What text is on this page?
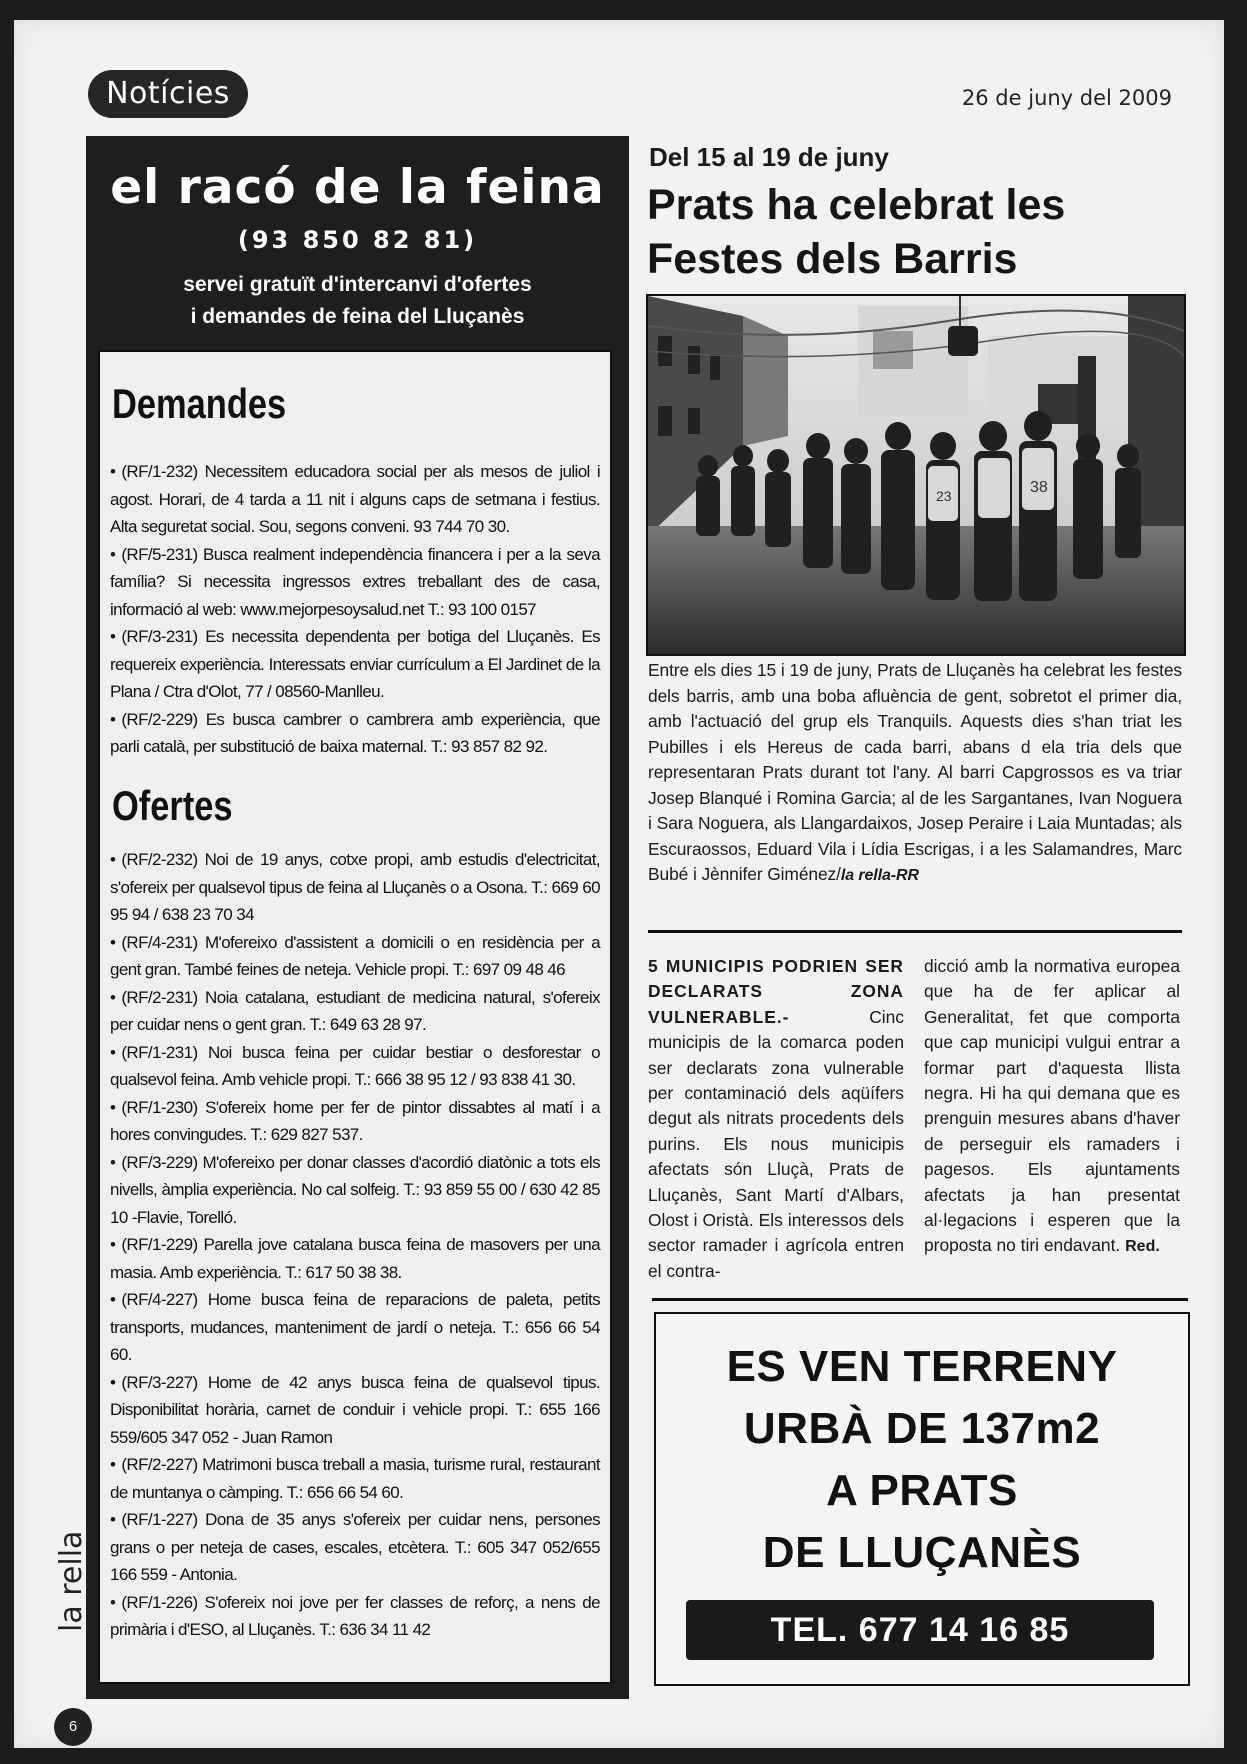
Notícies	26 de juny del 2009
el racó de la feina
(93 850 82 81)
servei gratuït d'intercanvi d'ofertes
i demandes de feina del Lluçanès
Demandes
• (RF/1-232) Necessitem educadora social per als mesos de juliol i agost. Horari, de 4 tarda a 11 nit i alguns caps de setmana i festius. Alta seguretat social. Sou, segons conveni. 93 744 70 30.
• (RF/5-231) Busca realment independència financera i per a la seva família? Si necessita ingressos extres treballant des de casa, informació al web: www.mejorpesoysalud.net T.: 93 100 0157
• (RF/3-231) Es necessita dependenta per botiga del Lluçanès. Es requereix experiència. Interessats enviar currículum a El Jardinet de la Plana / Ctra d'Olot, 77 / 08560-Manlleu.
• (RF/2-229) Es busca cambrer o cambrera amb experiència, que parli català, per substitució de baixa maternal. T.: 93 857 82 92.
Ofertes
• (RF/2-232) Noi de 19 anys, cotxe propi, amb estudis d'electricitat, s'ofereix per qualsevol tipus de feina al Lluçanès o a Osona. T.: 669 60 95 94 / 638 23 70 34
• (RF/4-231) M'ofereixo d'assistent a domicili o en residència per a gent gran. També feines de neteja. Vehicle propi. T.: 697 09 48 46
• (RF/2-231) Noia catalana, estudiant de medicina natural, s'ofereix per cuidar nens o gent gran. T.: 649 63 28 97.
• (RF/1-231) Noi busca feina per cuidar bestiar o desforestar o qualsevol feina. Amb vehicle propi. T.: 666 38 95 12 / 93 838 41 30.
• (RF/1-230) S'ofereix home per fer de pintor dissabtes al matí i a hores convingudes. T.: 629 827 537.
• (RF/3-229) M'ofereixo per donar classes d'acordió diatònic a tots els nivells, àmplia experiència. No cal solfeig. T.: 93 859 55 00 / 630 42 85 10 -Flavie, Torelló.
• (RF/1-229) Parella jove catalana busca feina de masovers per una masia. Amb experiència. T.: 617 50 38 38.
• (RF/4-227) Home busca feina de reparacions de paleta, petits transports, mudances, manteniment de jardí o neteja. T.: 656 66 54 60.
• (RF/3-227) Home de 42 anys busca feina de qualsevol tipus. Disponibilitat horària, carnet de conduir i vehicle propi. T.: 655 166 559/605 347 052 - Juan Ramon
• (RF/2-227) Matrimoni busca treball a masia, turisme rural, restaurant de muntanya o càmping. T.: 656 66 54 60.
• (RF/1-227) Dona de 35 anys s'ofereix per cuidar nens, persones grans o per neteja de cases, escales, etcètera. T.: 605 347 052/655 166 559 - Antonia.
• (RF/1-226) S'ofereix noi jove per fer classes de reforç, a nens de primària i d'ESO, al Lluçanès. T.: 636 34 11 42
Del 15 al 19 de juny
Prats ha celebrat les Festes dels Barris
23	38
Entre els dies 15 i 19 de juny, Prats de Lluçanès ha celebrat les festes dels barris, amb una boba afluència de gent, sobretot el primer dia, amb l'actuació del grup els Tranquils. Aquests dies s'han triat les Pubilles i els Hereus de cada barri, abans d ela tria dels que representaran Prats durant tot l'any. Al barri Capgrossos es va triar Josep Blanqué i Romina Garcia; al de les Sargantanes, Ivan Noguera i Sara Noguera, als Llangardaixos, Josep Peraire i Laia Muntadas; als Escuraossos, Eduard Vila i Lídia Escrigas, i a les Salamandres, Marc Bubé i Jènnifer Giménez/la rella-RR
5 MUNICIPIS PODRIEN SER DECLARATS ZONA VULNERABLE.-	Cinc municipis de la comarca poden ser declarats zona vulnerable per contaminació dels aqüífers degut als nitrats procedents dels purins. Els nous municipis afectats són Lluçà, Prats de Lluçanès, Sant Martí d'Albars, Olost i Oristà. Els interessos dels sector ramader i agrícola entren el contra-
dicció amb la normativa europea que ha de fer aplicar al Generalitat, fet que comporta que cap municipi vulgui entrar a formar part d'aquesta llista negra. Hi ha qui demana que es prenguin mesures abans d'haver de perseguir els ramaders i pagesos. Els ajuntaments afectats ja han presentat al·legacions i esperen que la proposta no tiri endavant. Red.
ES VEN TERRENY
URBÀ DE 137m2
A PRATS
DE LLUÇANÈS
TEL. 677 14 16 85
la rella
6
